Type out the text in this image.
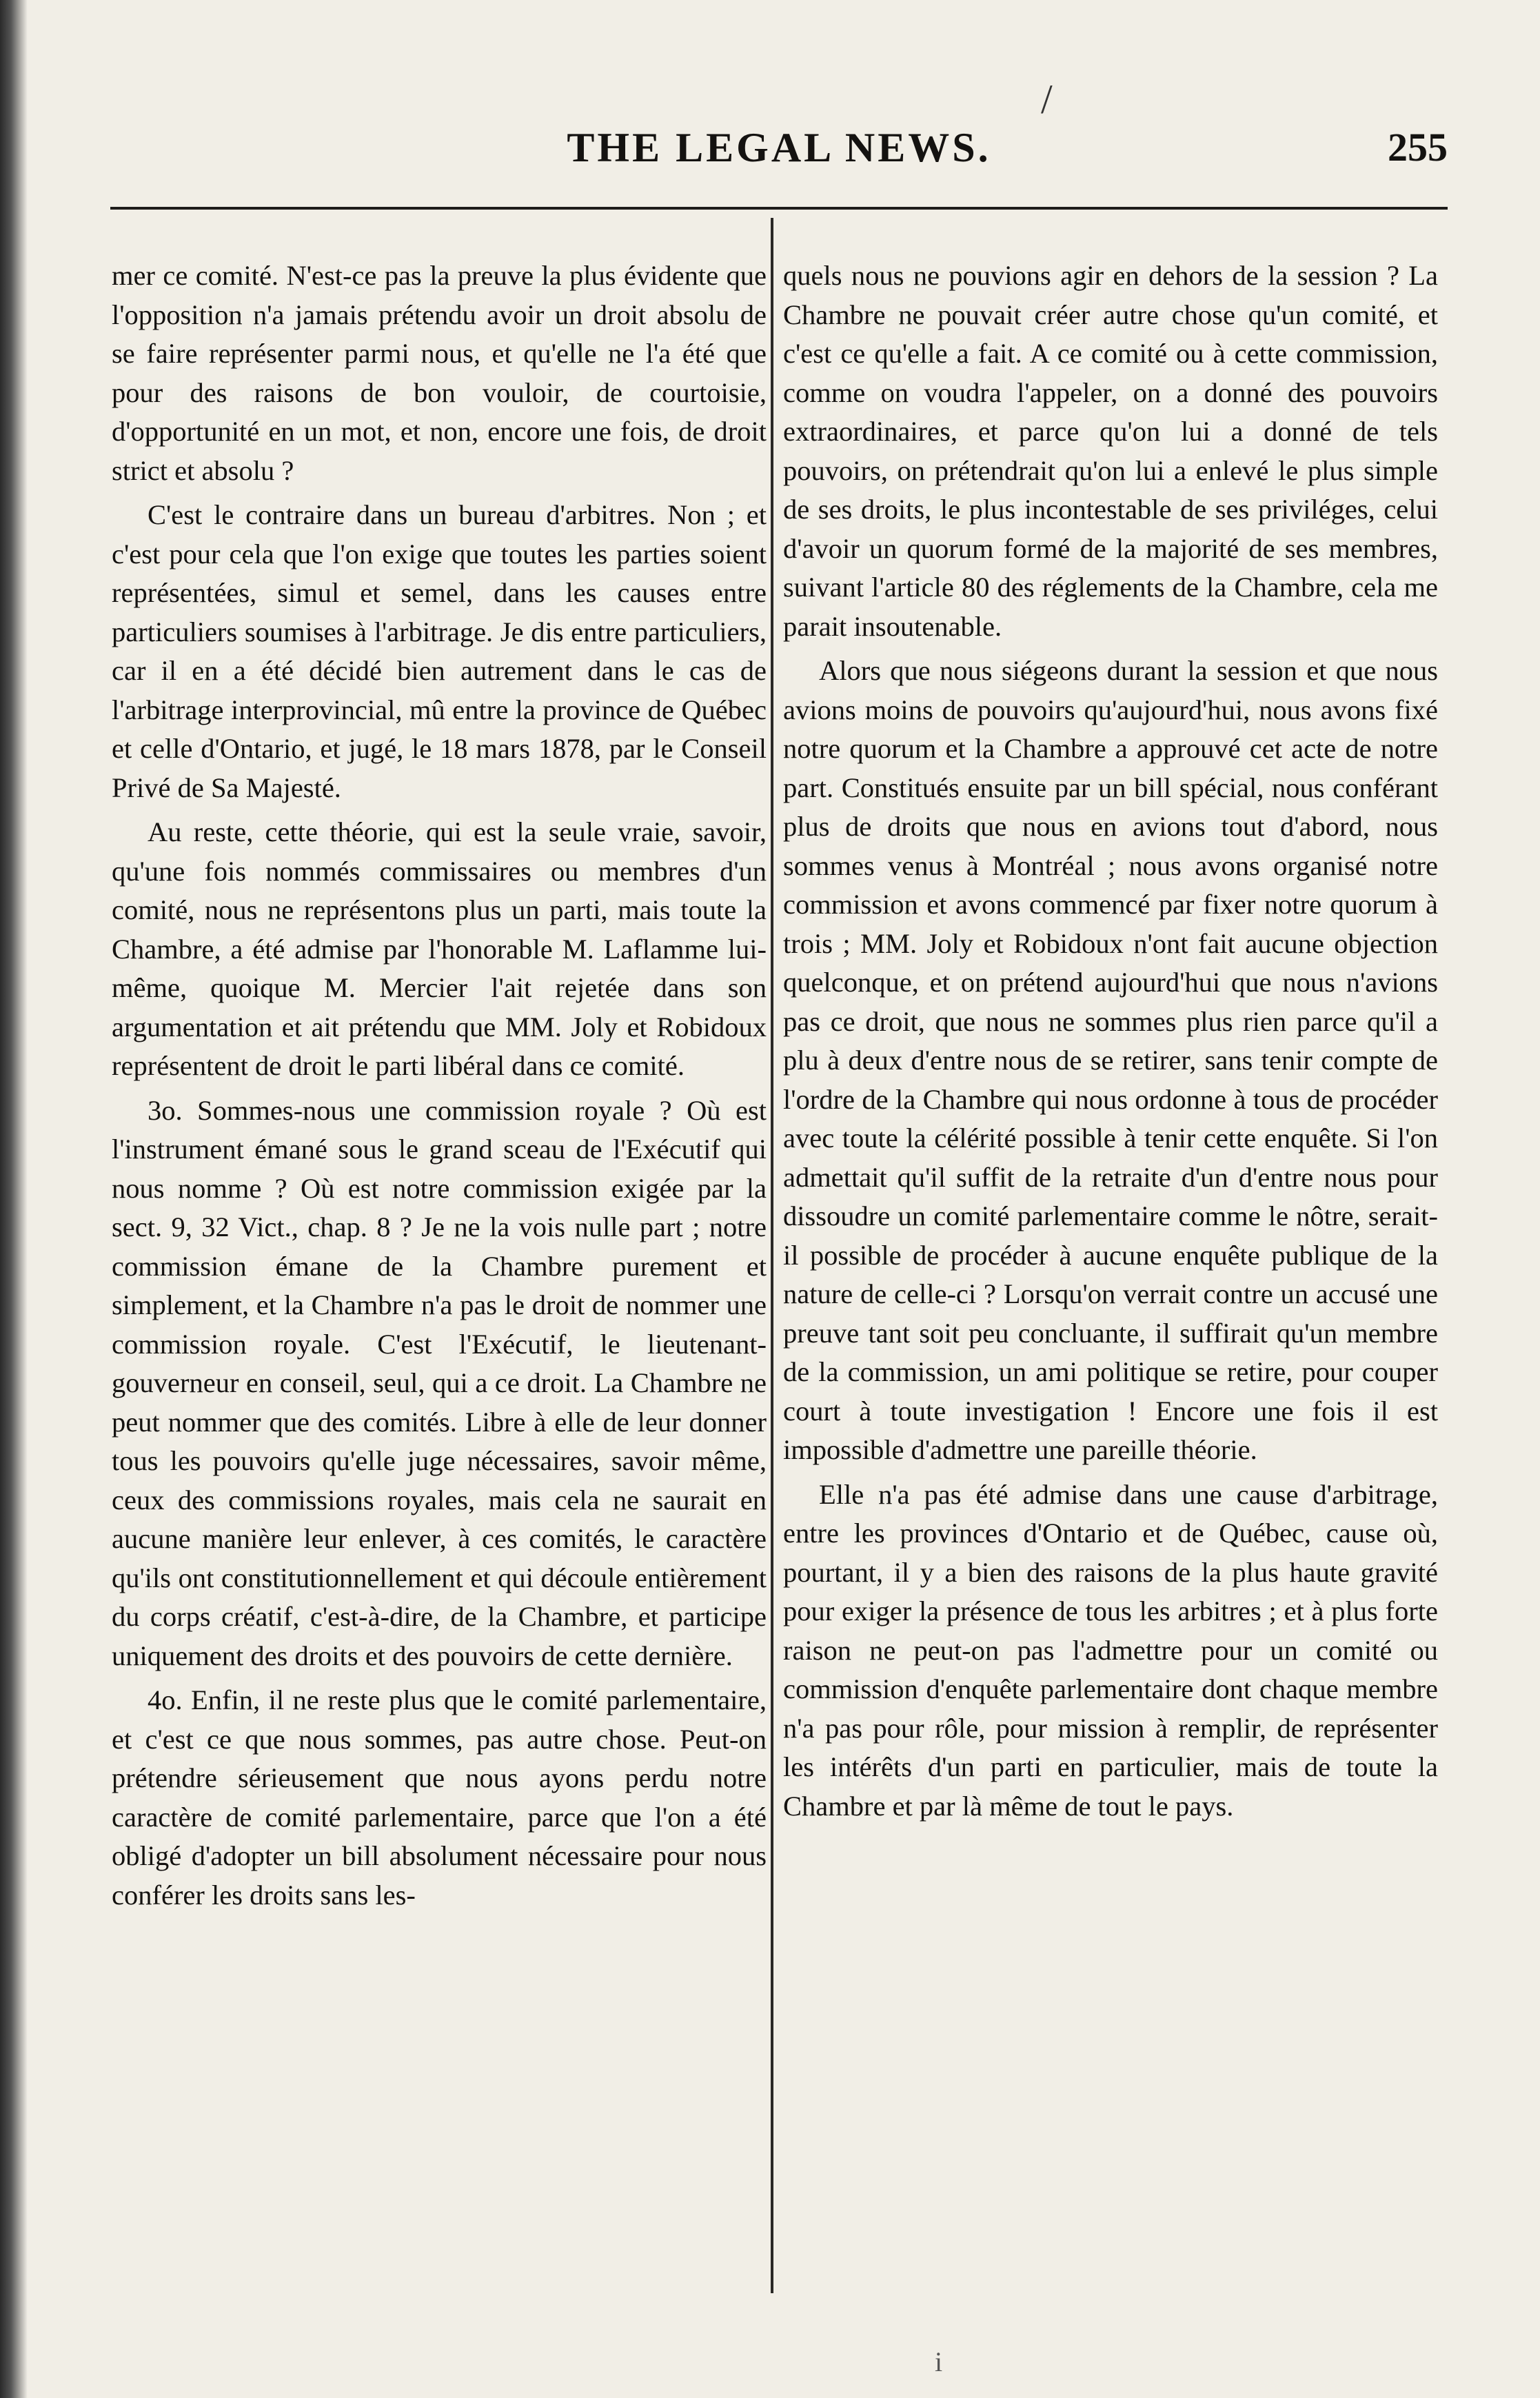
/
THE LEGAL NEWS.	255

mer ce comité. N'est-ce pas la preuve la plus évidente que l'opposition n'a jamais prétendu avoir un droit absolu de se faire représenter parmi nous, et qu'elle ne l'a été que pour des raisons de bon vouloir, de courtoisie, d'opportunité en un mot, et non, encore une fois, de droit strict et absolu ?

C'est le contraire dans un bureau d'arbitres. Non ; et c'est pour cela que l'on exige que toutes les parties soient représentées, simul et semel, dans les causes entre particuliers soumises à l'arbitrage. Je dis entre particuliers, car il en a été décidé bien autrement dans le cas de l'arbitrage interprovincial, mû entre la province de Québec et celle d'Ontario, et jugé, le 18 mars 1878, par le Conseil Privé de Sa Majesté.

Au reste, cette théorie, qui est la seule vraie, savoir, qu'une fois nommés commissaires ou membres d'un comité, nous ne représentons plus un parti, mais toute la Chambre, a été admise par l'honorable M. Laflamme lui-même, quoique M. Mercier l'ait rejetée dans son argumentation et ait prétendu que MM. Joly et Robidoux représentent de droit le parti libéral dans ce comité.

3o. Sommes-nous une commission royale ? Où est l'instrument émané sous le grand sceau de l'Exécutif qui nous nomme ? Où est notre commission exigée par la sect. 9, 32 Vict., chap. 8 ? Je ne la vois nulle part ; notre commission émane de la Chambre purement et simplement, et la Chambre n'a pas le droit de nommer une commission royale. C'est l'Exécutif, le lieutenant-gouverneur en conseil, seul, qui a ce droit. La Chambre ne peut nommer que des comités. Libre à elle de leur donner tous les pouvoirs qu'elle juge nécessaires, savoir même, ceux des commissions royales, mais cela ne saurait en aucune manière leur enlever, à ces comités, le caractère qu'ils ont constitutionnellement et qui découle entièrement du corps créatif, c'est-à-dire, de la Chambre, et participe uniquement des droits et des pouvoirs de cette dernière.

4o. Enfin, il ne reste plus que le comité parlementaire, et c'est ce que nous sommes, pas autre chose. Peut-on prétendre sérieusement que nous ayons perdu notre caractère de comité parlementaire, parce que l'on a été obligé d'adopter un bill absolument nécessaire pour nous conférer les droits sans les-

quels nous ne pouvions agir en dehors de la session ? La Chambre ne pouvait créer autre chose qu'un comité, et c'est ce qu'elle a fait. A ce comité ou à cette commission, comme on voudra l'appeler, on a donné des pouvoirs extraordinaires, et parce qu'on lui a donné de tels pouvoirs, on prétendrait qu'on lui a enlevé le plus simple de ses droits, le plus incontestable de ses priviléges, celui d'avoir un quorum formé de la majorité de ses membres, suivant l'article 80 des réglements de la Chambre, cela me parait insoutenable.

Alors que nous siégeons durant la session et que nous avions moins de pouvoirs qu'aujourd'hui, nous avons fixé notre quorum et la Chambre a approuvé cet acte de notre part. Constitués ensuite par un bill spécial, nous conférant plus de droits que nous en avions tout d'abord, nous sommes venus à Montréal ; nous avons organisé notre commission et avons commencé par fixer notre quorum à trois ; MM. Joly et Robidoux n'ont fait aucune objection quelconque, et on prétend aujourd'hui que nous n'avions pas ce droit, que nous ne sommes plus rien parce qu'il a plu à deux d'entre nous de se retirer, sans tenir compte de l'ordre de la Chambre qui nous ordonne à tous de procéder avec toute la célérité possible à tenir cette enquête. Si l'on admettait qu'il suffit de la retraite d'un d'entre nous pour dissoudre un comité parlementaire comme le nôtre, serait-il possible de procéder à aucune enquête publique de la nature de celle-ci ? Lorsqu'on verrait contre un accusé une preuve tant soit peu concluante, il suffirait qu'un membre de la commission, un ami politique se retire, pour couper court à toute investigation ! Encore une fois il est impossible d'admettre une pareille théorie.

Elle n'a pas été admise dans une cause d'arbitrage, entre les provinces d'Ontario et de Québec, cause où, pourtant, il y a bien des raisons de la plus haute gravité pour exiger la présence de tous les arbitres ; et à plus forte raison ne peut-on pas l'admettre pour un comité ou commission d'enquête parlementaire dont chaque membre n'a pas pour rôle, pour mission à remplir, de représenter les intérêts d'un parti en particulier, mais de toute la Chambre et par là même de tout le pays.

i
